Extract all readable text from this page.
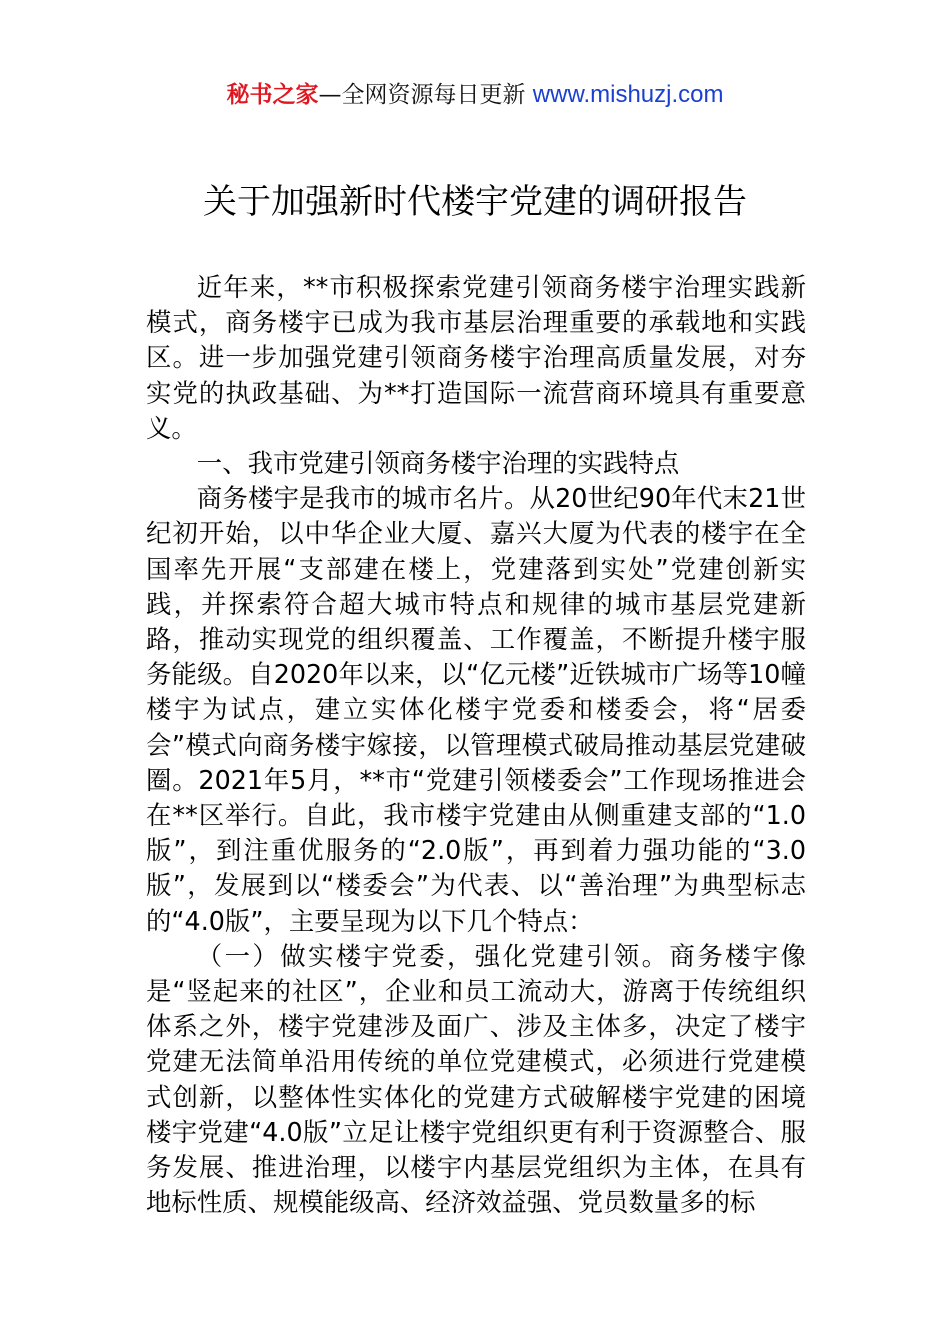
秘书之家—全网资源每日更新 www.mishuzj.com
关于加强新时代楼宇党建的调研报告

近年来，**市积极探索党建引领商务楼宇治理实践新模式，商务楼宇已成为我市基层治理重要的承载地和实践区。进一步加强党建引领商务楼宇治理高质量发展，对夯实党的执政基础、为**打造国际一流营商环境具有重要意义。

一、我市党建引领商务楼宇治理的实践特点

商务楼宇是我市的城市名片。从20世纪90年代末21世纪初开始，以中华企业大厦、嘉兴大厦为代表的楼宇在全国率先开展“支部建在楼上，党建落到实处”党建创新实践，并探索符合超大城市特点和规律的城市基层党建新路，推动实现党的组织覆盖、工作覆盖，不断提升楼宇服务能级。自2020年以来，以“亿元楼”近铁城市广场等10幢楼宇为试点，建立实体化楼宇党委和楼委会，将“居委会”模式向商务楼宇嫁接，以管理模式破局推动基层党建破圈。2021年5月，**市“党建引领楼委会”工作现场推进会在**区举行。自此，我市楼宇党建由从侧重建支部的“1.0版”，到注重优服务的“2.0版”，再到着力强功能的“3.0版”，发展到以“楼委会”为代表、以“善治理”为典型标志的“4.0版”，主要呈现为以下几个特点：

（一）做实楼宇党委，强化党建引领。商务楼宇像是“竖起来的社区”，企业和员工流动大，游离于传统组织体系之外，楼宇党建涉及面广、涉及主体多，决定了楼宇党建无法简单沿用传统的单位党建模式，必须进行党建模式创新，以整体性实体化的党建方式破解楼宇党建的困境楼宇党建“4.0版”立足让楼宇党组织更有利于资源整合、服务发展、推进治理，以楼宇内基层党组织为主体，在具有地标性质、规模能级高、经济效益强、党员数量多的标
